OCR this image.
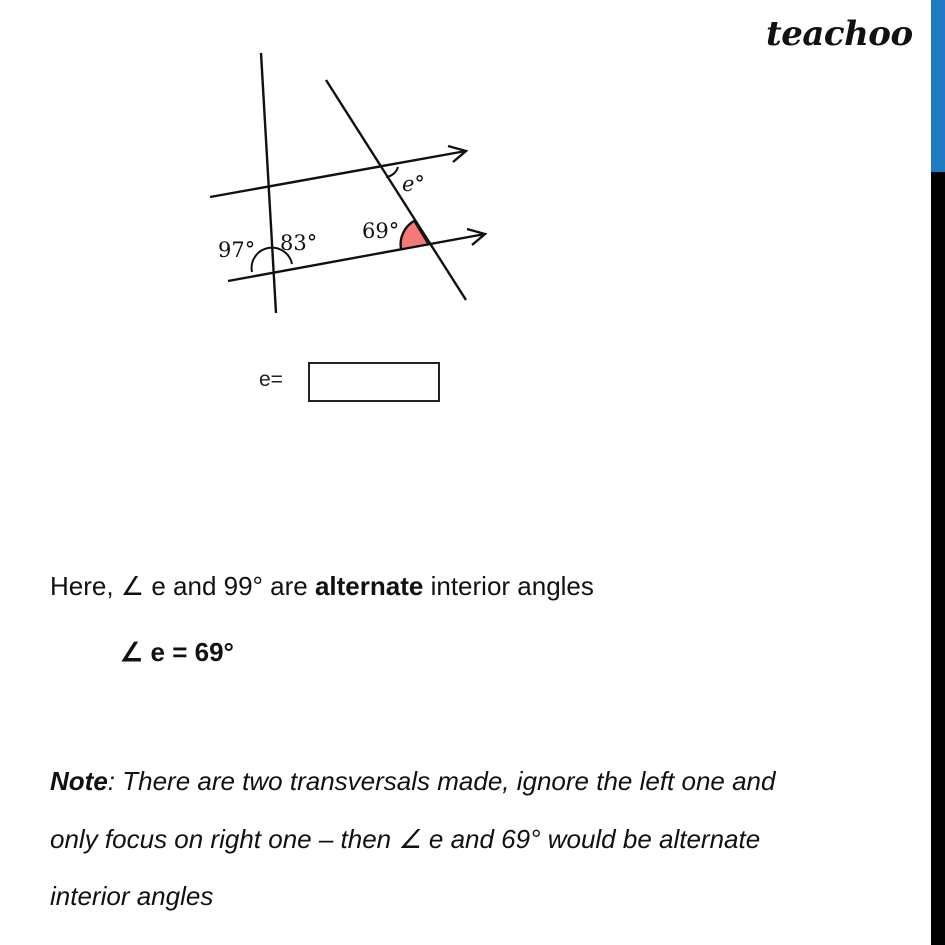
teachoo
97° 83° 69°
e°
e=
Here, ∠ e and 99° are alternate interior angles
∠ e = 69°
Note: There are two transversals made, ignore the left one and
only focus on right one – then ∠ e and 69° would be alternate
interior angles
